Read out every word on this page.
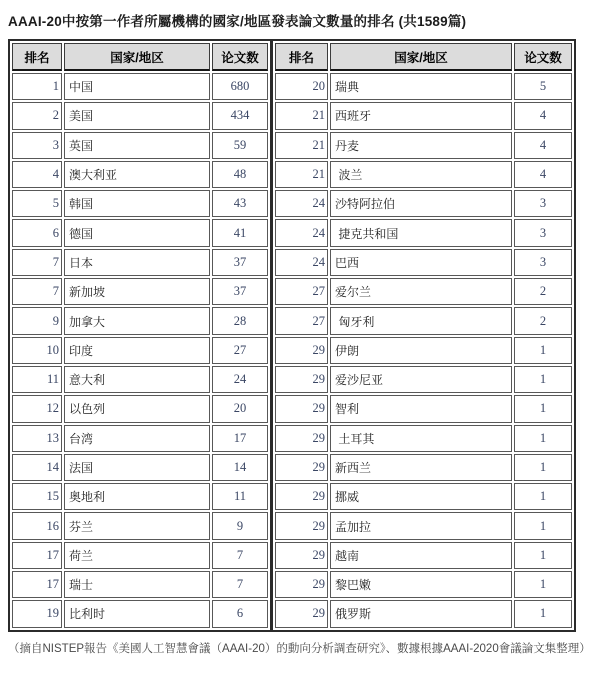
AAAI-20中按第一作者所屬機構的國家/地區發表論文數量的排名 (共1589篇)
排名	国家/地区	论文数
1	中国	680
2	美国	434
3	英国	59
4	澳大利亚	48
5	韩国	43
6	德国	41
7	日本	37
7	新加坡	37
9	加拿大	28
10	印度	27
11	意大利	24
12	以色列	20
13	台湾	17
14	法国	14
15	奥地利	11
16	芬兰	9
17	荷兰	7
17	瑞士	7
19	比利时	6
排名	国家/地区	论文数
20	瑞典	5
21	西班牙	4
21	丹麦	4
21	波兰	4
24	沙特阿拉伯	3
24	捷克共和国	3
24	巴西	3
27	爱尔兰	2
27	匈牙利	2
29	伊朗	1
29	爱沙尼亚	1
29	智利	1
29	土耳其	1
29	新西兰	1
29	挪威	1
29	孟加拉	1
29	越南	1
29	黎巴嫩	1
29	俄罗斯	1
（摘自NISTEP報告《美國人工智慧會議（AAAI-20）的動向分析調查研究》、數據根據AAAI-2020會議論文集整理）
